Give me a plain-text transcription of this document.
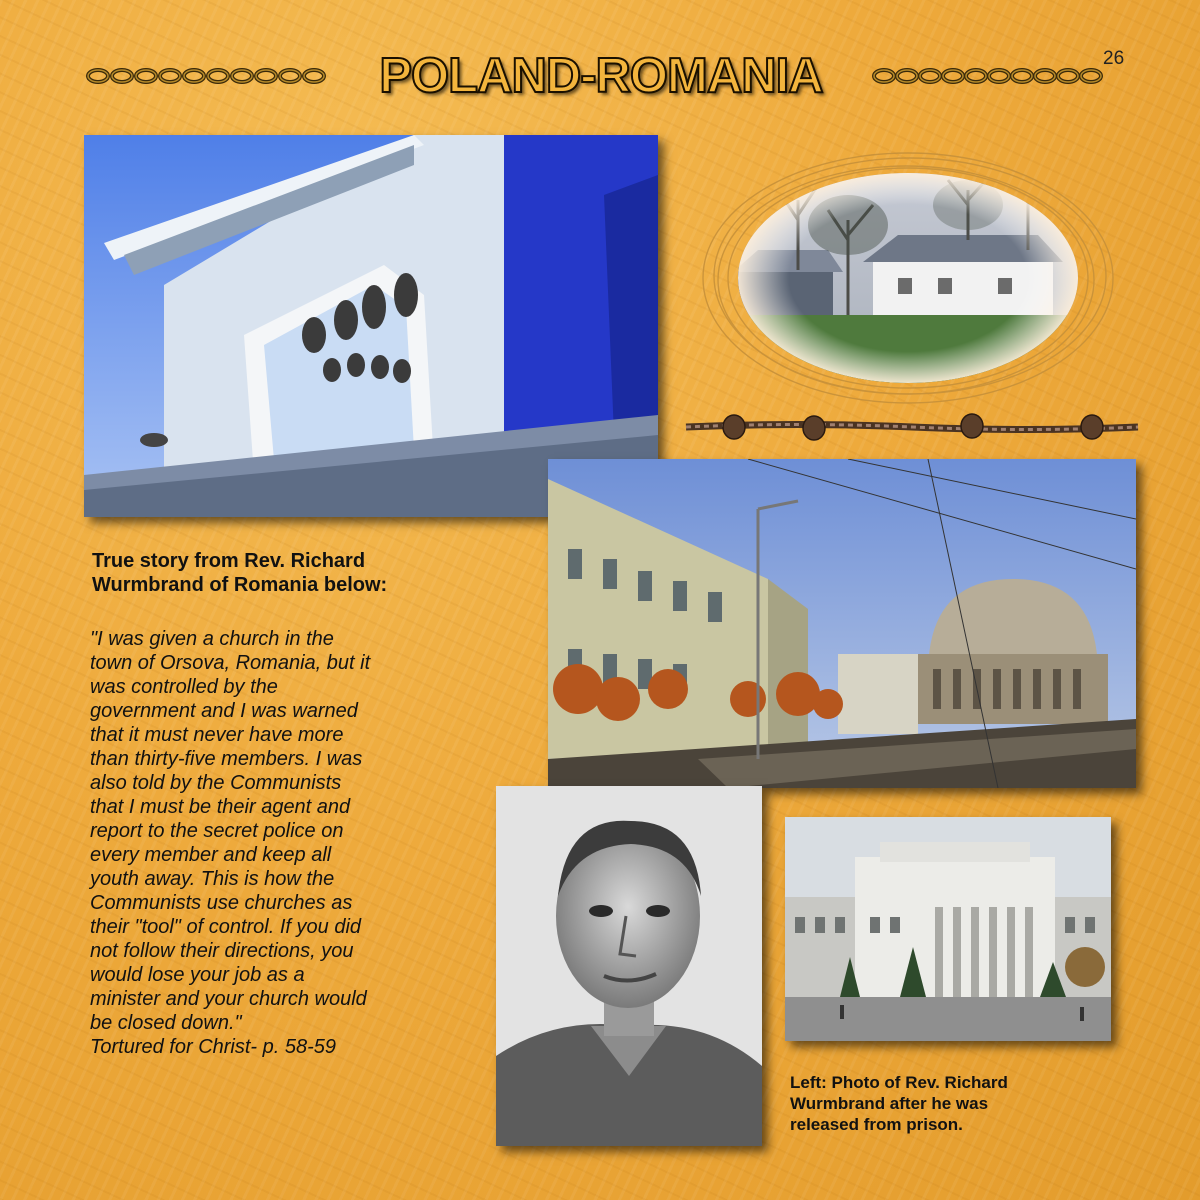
POLAND-ROMANIA	26
True story from Rev. Richard
Wurmbrand of Romania below:
"I was given a church in the
town of Orsova, Romania, but it
was controlled by the
government and I was warned
that it must never have more
than thirty-five members. I was
also told by the Communists
that I must be their agent and
report to the secret police on
every member and keep all
youth away. This is how the
Communists use churches as
their "tool" of control. If you did
not follow their directions, you
would lose your job as a
minister and your church would
be closed down."
Tortured for Christ- p. 58-59
Left: Photo of Rev. Richard
Wurmbrand after he was
released from prison.
